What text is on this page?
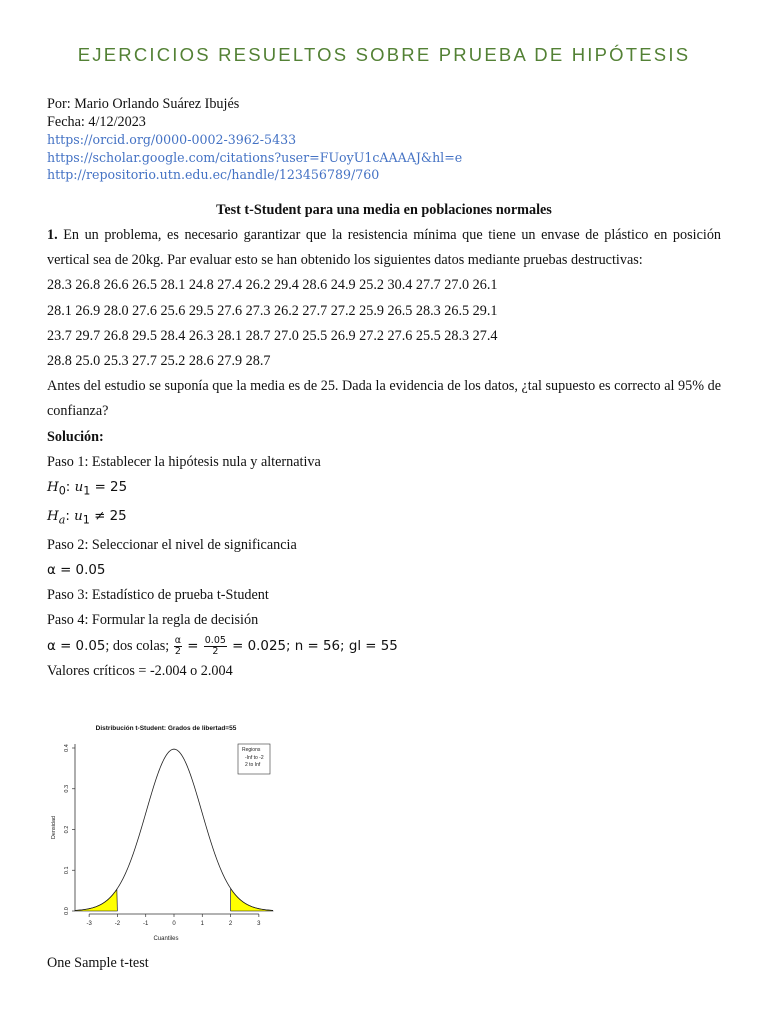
EJERCICIOS RESUELTOS SOBRE PRUEBA DE HIPÓTESIS
Por: Mario Orlando Suárez Ibujés
Fecha: 4/12/2023
https://orcid.org/0000-0002-3962-5433
https://scholar.google.com/citations?user=FUoyU1cAAAAJ&hl=e
http://repositorio.utn.edu.ec/handle/123456789/760
Test t-Student para una media en poblaciones normales

1. En un problema, es necesario garantizar que la resistencia mínima que tiene un envase de plástico en posición vertical sea de 20kg. Par evaluar esto se han obtenido los siguientes datos mediante pruebas destructivas:

28.3 26.8 26.6 26.5 28.1 24.8 27.4 26.2 29.4 28.6 24.9 25.2 30.4 27.7 27.0 26.1

28.1 26.9 28.0 27.6 25.6 29.5 27.6 27.3 26.2 27.7 27.2 25.9 26.5 28.3 26.5 29.1

23.7 29.7 26.8 29.5 28.4 26.3 28.1 28.7 27.0 25.5 26.9 27.2 27.6 25.5 28.3 27.4

28.8 25.0 25.3 27.7 25.2 28.6 27.9 28.7

Antes del estudio se suponía que la media es de 25. Dada la evidencia de los datos, ¿tal supuesto es correcto al 95% de confianza?

Solución:

Paso 1: Establecer la hipótesis nula y alternativa

$H_0$: $u_1 = 25$

$H_a$: $u_1 \ne 25$

Paso 2: Seleccionar el nivel de significancia

α = 0.05

Paso 3: Estadístico de prueba t-Student

Paso 4: Formular la regla de decisión

α = 0.05; dos colas; $\frac{\alpha}{2} = \frac{0.05}{2} = 0.025$; n = 56; gl = 55

Valores críticos = -2.004 o 2.004

-3	-2	-1	0	1	2	3
0.0
0.1
0.2
0.3
0.4
Distribución t-Student: Grados de libertad=55
Cuantiles
Densidad
Regions
-Inf to -2
2 to Inf
One Sample t-test
